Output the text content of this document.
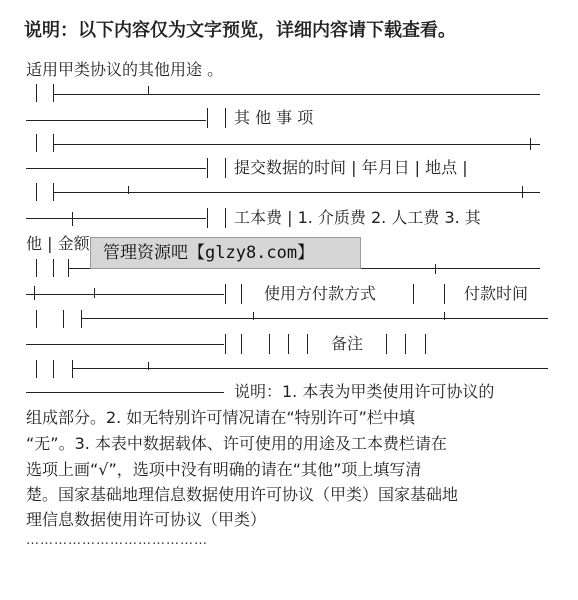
说明：以下内容仅为文字预览，详细内容请下载查看。
适用甲类协议的其他用途 。
其 他 事 项
提交数据的时间 | 年月日 | 地点 |
工本费 | 1. 介质费 2. 人工费 3. 其
他 | 金额
使用方付款方式	付款时间
备注
说明：1. 本表为甲类使用许可协议的
组成部分。2. 如无特别许可情况请在“特别许可”栏中填
“无”。3. 本表中数据载体、许可使用的用途及工本费栏请在
选项上画“√”，选项中没有明确的请在“其他”项上填写清
楚。国家基础地理信息数据使用许可协议（甲类）国家基础地
理信息数据使用许可协议（甲类）
…………………………………
管理资源吧【glzy8.com】
